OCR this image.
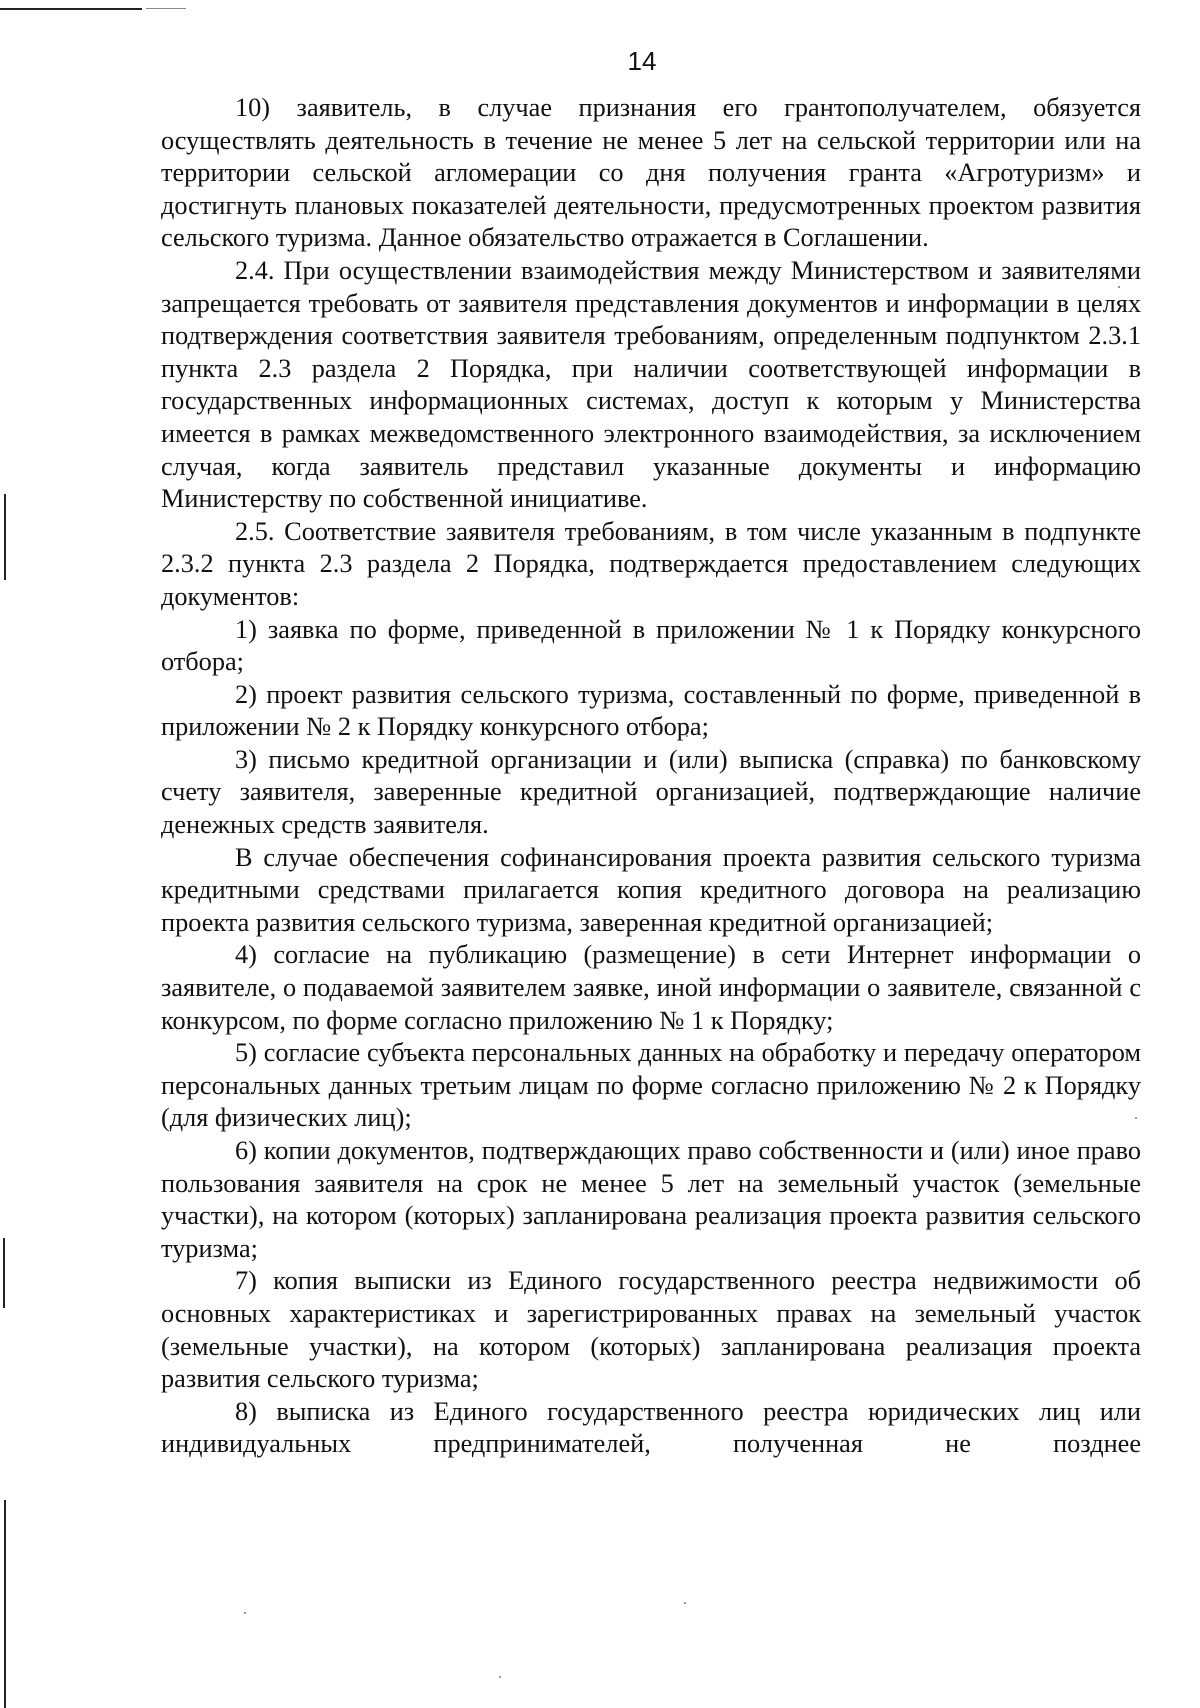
14

10) заявитель, в случае признания его грантополучателем, обязуется осуществлять деятельность в течение не менее 5 лет на сельской территории или на территории сельской агломерации со дня получения гранта «Агротуризм» и достигнуть плановых показателей деятельности, предусмотренных проектом развития сельского туризма. Данное обязательство отражается в Соглашении.

2.4. При осуществлении взаимодействия между Министерством и заявителями запрещается требовать от заявителя представления документов и информации в целях подтверждения соответствия заявителя требованиям, определенным подпунктом 2.3.1 пункта 2.3 раздела 2 Порядка, при наличии соответствующей информации в государственных информационных системах, доступ к которым у Министерства имеется в рамках межведомственного электронного взаимодействия, за исключением случая, когда заявитель представил указанные документы и информацию Министерству по собственной инициативе.

2.5. Соответствие заявителя требованиям, в том числе указанным в подпункте 2.3.2 пункта 2.3 раздела 2 Порядка, подтверждается предоставлением следующих документов:

1) заявка по форме, приведенной в приложении № 1 к Порядку конкурсного отбора;

2) проект развития сельского туризма, составленный по форме, приведенной в приложении № 2 к Порядку конкурсного отбора;

3) письмо кредитной организации и (или) выписка (справка) по банковскому счету заявителя, заверенные кредитной организацией, подтверждающие наличие денежных средств заявителя.

В случае обеспечения софинансирования проекта развития сельского туризма кредитными средствами прилагается копия кредитного договора на реализацию проекта развития сельского туризма, заверенная кредитной организацией;

4) согласие на публикацию (размещение) в сети Интернет информации о заявителе, о подаваемой заявителем заявке, иной информации о заявителе, связанной с конкурсом, по форме согласно приложению № 1 к Порядку;

5) согласие субъекта персональных данных на обработку и передачу оператором персональных данных третьим лицам по форме согласно приложению № 2 к Порядку (для физических лиц);

6) копии документов, подтверждающих право собственности и (или) иное право пользования заявителя на срок не менее 5 лет на земельный участок (земельные участки), на котором (которых) запланирована реализация проекта развития сельского туризма;

7) копия выписки из Единого государственного реестра недвижимости об основных характеристиках и зарегистрированных правах на земельный участок (земельные участки), на котором (которых) запланирована реализация проекта развития сельского туризма;

8) выписка из Единого государственного реестра юридических лиц или индивидуальных предпринимателей, полученная не позднее
